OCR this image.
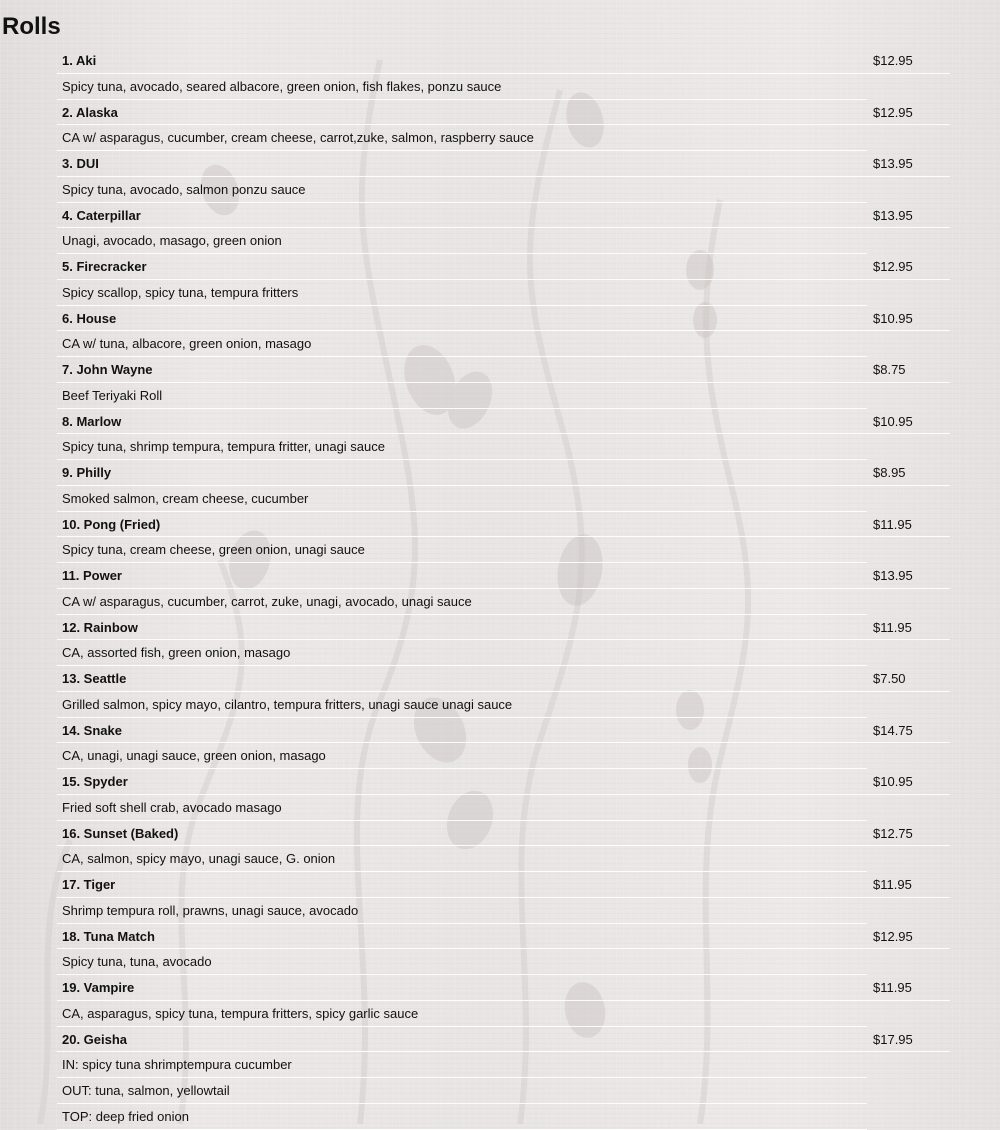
Rolls
1. Aki	$12.95
Spicy tuna, avocado, seared albacore, green onion, fish flakes, ponzu sauce
2. Alaska	$12.95
CA w/ asparagus, cucumber, cream cheese, carrot,zuke, salmon, raspberry sauce
3. DUI	$13.95
Spicy tuna, avocado, salmon ponzu sauce
4. Caterpillar	$13.95
Unagi, avocado, masago, green onion
5. Firecracker	$12.95
Spicy scallop, spicy tuna, tempura fritters
6. House	$10.95
CA w/ tuna, albacore, green onion, masago
7. John Wayne	$8.75
Beef Teriyaki Roll
8. Marlow	$10.95
Spicy tuna, shrimp tempura, tempura fritter, unagi sauce
9. Philly	$8.95
Smoked salmon, cream cheese, cucumber
10. Pong (Fried)	$11.95
Spicy tuna, cream cheese, green onion, unagi sauce
11. Power	$13.95
CA w/ asparagus, cucumber, carrot, zuke, unagi, avocado, unagi sauce
12. Rainbow	$11.95
CA, assorted fish, green onion, masago
13. Seattle	$7.50
Grilled salmon, spicy mayo, cilantro, tempura fritters, unagi sauce unagi sauce
14. Snake	$14.75
CA, unagi, unagi sauce, green onion, masago
15. Spyder	$10.95
Fried soft shell crab, avocado masago
16. Sunset (Baked)	$12.75
CA, salmon, spicy mayo, unagi sauce, G. onion
17. Tiger	$11.95
Shrimp tempura roll, prawns, unagi sauce, avocado
18. Tuna Match	$12.95
Spicy tuna, tuna, avocado
19. Vampire	$11.95
CA, asparagus, spicy tuna, tempura fritters, spicy garlic sauce
20. Geisha	$17.95
IN: spicy tuna shrimptempura cucumber
OUT: tuna, salmon, yellowtail
TOP: deep fried onion
